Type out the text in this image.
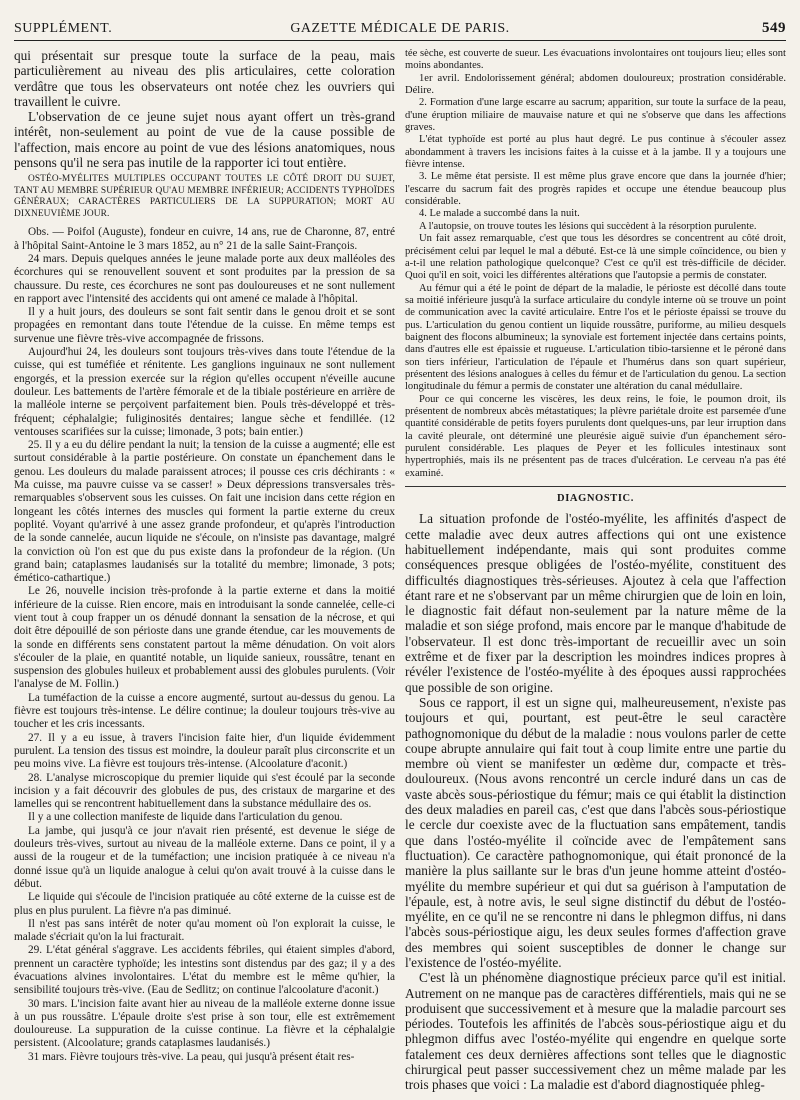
SUPPLÉMENT.	GAZETTE MÉDICALE DE PARIS.	549

qui présentait sur presque toute la surface de la peau, mais particulièrement au niveau des plis articulaires, cette coloration verdâtre que tous les observateurs ont notée chez les ouvriers qui travaillent le cuivre.

L'observation de ce jeune sujet nous ayant offert un très-grand intérêt, non-seulement au point de vue de la cause possible de l'affection, mais encore au point de vue des lésions anatomiques, nous pensons qu'il ne sera pas inutile de la rapporter ici tout entière.

OSTÉO-MYÉLITES MULTIPLES OCCUPANT TOUTES LE CÔTÉ DROIT DU SUJET, TANT AU MEMBRE SUPÉRIEUR QU'AU MEMBRE INFÉRIEUR; ACCIDENTS TYPHOÏDES GÉNÉRAUX; CARACTÈRES PARTICULIERS DE LA SUPPURATION; MORT AU DIXNEUVIÈME JOUR.

Obs. — Poifol (Auguste), fondeur en cuivre, 14 ans, rue de Charonne, 87, entré à l'hôpital Saint-Antoine le 3 mars 1852, au n° 21 de la salle Saint-François.

24 mars. Depuis quelques années le jeune malade porte aux deux malléoles des écorchures qui se renouvellent souvent et sont produites par la pression de sa chaussure. Du reste, ces écorchures ne sont pas douloureuses et ne sont nullement en rapport avec l'intensité des accidents qui ont amené ce malade à l'hôpital.

Il y a huit jours, des douleurs se sont fait sentir dans le genou droit et se sont propagées en remontant dans toute l'étendue de la cuisse. En même temps est survenue une fièvre très-vive accompagnée de frissons.

Aujourd'hui 24, les douleurs sont toujours très-vives dans toute l'étendue de la cuisse, qui est tuméfiée et rénitente. Les ganglions inguinaux ne sont nullement engorgés, et la pression exercée sur la région qu'elles occupent n'éveille aucune douleur. Les battements de l'artère fémorale et de la tibiale postérieure en arrière de la malléole interne se perçoivent parfaitement bien. Pouls très-développé et très-fréquent; céphalalgie; fuliginosités dentaires; langue sèche et fendillée. (12 ventouses scarifiées sur la cuisse; limonade, 3 pots; bain entier.)

25. Il y a eu du délire pendant la nuit; la tension de la cuisse a augmenté; elle est surtout considérable à la partie postérieure. On constate un épanchement dans le genou. Les douleurs du malade paraissent atroces; il pousse ces cris déchirants : « Ma cuisse, ma pauvre cuisse va se casser! » Deux dépressions transversales très-remarquables s'observent sous les cuisses. On fait une incision dans cette région en longeant les côtés internes des muscles qui forment la partie externe du creux poplité. Voyant qu'arrivé à une assez grande profondeur, et qu'après l'introduction de la sonde cannelée, aucun liquide ne s'écoule, on n'insiste pas davantage, malgré la conviction où l'on est que du pus existe dans la profondeur de la région. (Un grand bain; cataplasmes laudanisés sur la totalité du membre; limonade, 3 pots; émético-cathartique.)

Le 26, nouvelle incision très-profonde à la partie externe et dans la moitié inférieure de la cuisse. Rien encore, mais en introduisant la sonde cannelée, celle-ci vient tout à coup frapper un os dénudé donnant la sensation de la nécrose, et qui doit être dépouillé de son périoste dans une grande étendue, car les mouvements de la sonde en différents sens constatent partout la même dénudation. On voit alors s'écouler de la plaie, en quantité notable, un liquide sanieux, roussâtre, tenant en suspension des globules huileux et probablement aussi des globules purulents. (Voir l'analyse de M. Follin.)

La tuméfaction de la cuisse a encore augmenté, surtout au-dessus du genou. La fièvre est toujours très-intense. Le délire continue; la douleur toujours très-vive au toucher et les cris incessants.

27. Il y a eu issue, à travers l'incision faite hier, d'un liquide évidemment purulent. La tension des tissus est moindre, la douleur paraît plus circonscrite et un peu moins vive. La fièvre est toujours très-intense. (Alcoolature d'aconit.)

28. L'analyse microscopique du premier liquide qui s'est écoulé par la seconde incision y a fait découvrir des globules de pus, des cristaux de margarine et des lamelles qui se rencontrent habituellement dans la substance médullaire des os.

Il y a une collection manifeste de liquide dans l'articulation du genou.

La jambe, qui jusqu'à ce jour n'avait rien présenté, est devenue le siége de douleurs très-vives, surtout au niveau de la malléole externe. Dans ce point, il y a aussi de la rougeur et de la tuméfaction; une incision pratiquée à ce niveau n'a donné issue qu'à un liquide analogue à celui qu'on avait trouvé à la cuisse dans le début.

Le liquide qui s'écoule de l'incision pratiquée au côté externe de la cuisse est de plus en plus purulent. La fièvre n'a pas diminué.

Il n'est pas sans intérêt de noter qu'au moment où l'on explorait la cuisse, le malade s'écriait qu'on la lui fracturait.

29. L'état général s'aggrave. Les accidents fébriles, qui étaient simples d'abord, prennent un caractère typhoïde; les intestins sont distendus par des gaz; il y a des évacuations alvines involontaires. L'état du membre est le même qu'hier, la sensibilité toujours très-vive. (Eau de Sedlitz; on continue l'alcoolature d'aconit.)

30 mars. L'incision faite avant hier au niveau de la malléole externe donne issue à un pus roussâtre. L'épaule droite s'est prise à son tour, elle est extrêmement douloureuse. La suppuration de la cuisse continue. La fièvre et la céphalalgie persistent. (Alcoolature; grands cataplasmes laudanisés.)

31 mars. Fièvre toujours très-vive. La peau, qui jusqu'à présent était res-

tée sèche, est couverte de sueur. Les évacuations involontaires ont toujours lieu; elles sont moins abondantes.

1er avril. Endolorissement général; abdomen douloureux; prostration considérable. Délire.

2. Formation d'une large escarre au sacrum; apparition, sur toute la surface de la peau, d'une éruption miliaire de mauvaise nature et qui ne s'observe que dans les affections graves.

L'état typhoïde est porté au plus haut degré. Le pus continue à s'écouler assez abondamment à travers les incisions faites à la cuisse et à la jambe. Il y a toujours une fièvre intense.

3. Le même état persiste. Il est même plus grave encore que dans la journée d'hier; l'escarre du sacrum fait des progrès rapides et occupe une étendue beaucoup plus considérable.

4. Le malade a succombé dans la nuit.

A l'autopsie, on trouve toutes les lésions qui succèdent à la résorption purulente.

Un fait assez remarquable, c'est que tous les désordres se concentrent au côté droit, précisément celui par lequel le mal a débuté. Est-ce là une simple coïncidence, ou bien y a-t-il une relation pathologique quelconque? C'est ce qu'il est très-difficile de décider. Quoi qu'il en soit, voici les différentes altérations que l'autopsie a permis de constater.

Au fémur qui a été le point de départ de la maladie, le périoste est décollé dans toute sa moitié inférieure jusqu'à la surface articulaire du condyle interne où se trouve un point de communication avec la cavité articulaire. Entre l'os et le périoste épaissi se trouve du pus. L'articulation du genou contient un liquide roussâtre, puriforme, au milieu desquels baignent des flocons albumineux; la synoviale est fortement injectée dans certains points, dans d'autres elle est épaissie et rugueuse. L'articulation tibio-tarsienne et le péroné dans son tiers inférieur, l'articulation de l'épaule et l'humérus dans son quart supérieur, présentent des lésions analogues à celles du fémur et de l'articulation du genou. La section longitudinale du fémur a permis de constater une altération du canal médullaire.

Pour ce qui concerne les viscères, les deux reins, le foie, le poumon droit, ils présentent de nombreux abcès métastatiques; la plèvre pariétale droite est parsemée d'une quantité considérable de petits foyers purulents dont quelques-uns, par leur irruption dans la cavité pleurale, ont déterminé une pleurésie aiguë suivie d'un épanchement séro-purulent considérable. Les plaques de Peyer et les follicules intestinaux sont hypertrophiés, mais ils ne présentent pas de traces d'ulcération. Le cerveau n'a pas été examiné.

DIAGNOSTIC.

La situation profonde de l'ostéo-myélite, les affinités d'aspect de cette maladie avec deux autres affections qui ont une existence habituellement indépendante, mais qui sont produites comme conséquences presque obligées de l'ostéo-myélite, constituent des difficultés diagnostiques très-sérieuses. Ajoutez à cela que l'affection étant rare et ne s'observant par un même chirurgien que de loin en loin, le diagnostic fait défaut non-seulement par la nature même de la maladie et son siége profond, mais encore par le manque d'habitude de l'observateur. Il est donc très-important de recueillir avec un soin extrême et de fixer par la description les moindres indices propres à révéler l'existence de l'ostéo-myélite à des époques aussi rapprochées que possible de son origine.

Sous ce rapport, il est un signe qui, malheureusement, n'existe pas toujours et qui, pourtant, est peut-être le seul caractère pathognomonique du début de la maladie : nous voulons parler de cette coupe abrupte annulaire qui fait tout à coup limite entre une partie du membre où vient se manifester un œdème dur, compacte et très-douloureux. (Nous avons rencontré un cercle induré dans un cas de vaste abcès sous-périostique du fémur; mais ce qui établit la distinction des deux maladies en pareil cas, c'est que dans l'abcès sous-périostique le cercle dur coexiste avec de la fluctuation sans empâtement, tandis que dans l'ostéo-myélite il coïncide avec de l'empâtement sans fluctuation). Ce caractère pathognomonique, qui était prononcé de la manière la plus saillante sur le bras d'un jeune homme atteint d'ostéo-myélite du membre supérieur et qui dut sa guérison à l'amputation de l'épaule, est, à notre avis, le seul signe distinctif du début de l'ostéo-myélite, en ce qu'il ne se rencontre ni dans le phlegmon diffus, ni dans l'abcès sous-périostique aigu, les deux seules formes d'affection grave des membres qui soient susceptibles de donner le change sur l'existence de l'ostéo-myélite.

C'est là un phénomène diagnostique précieux parce qu'il est initial. Autrement on ne manque pas de caractères différentiels, mais qui ne se produisent que successivement et à mesure que la maladie parcourt ses périodes. Toutefois les affinités de l'abcès sous-périostique aigu et du phlegmon diffus avec l'ostéo-myélite qui engendre en quelque sorte fatalement ces deux dernières affections sont telles que le diagnostic chirurgical peut passer successivement chez un même malade par les trois phases que voici : La maladie est d'abord diagnostiquée phleg-
